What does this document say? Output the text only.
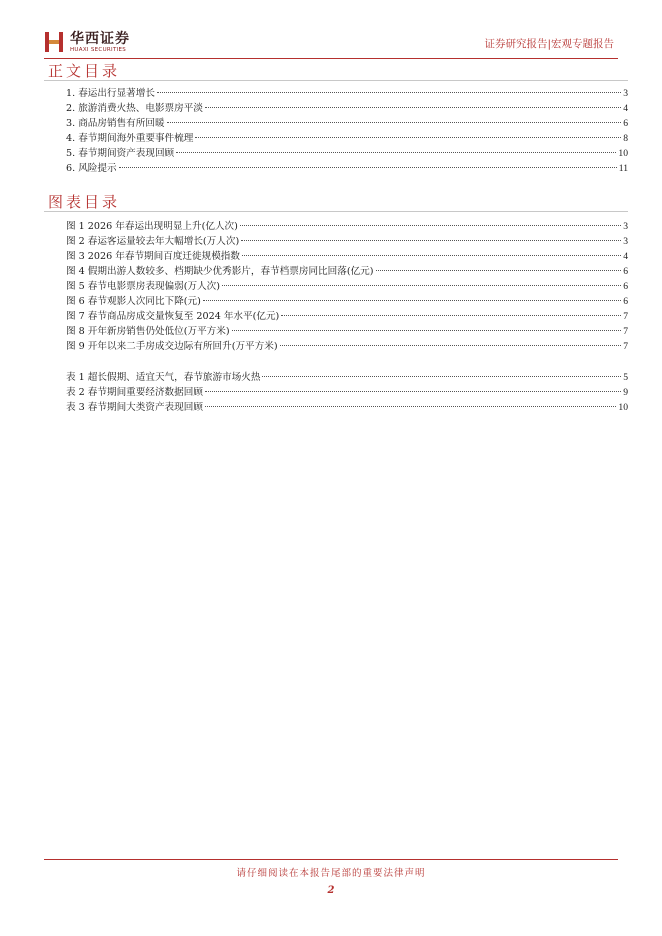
华西证券
HUAXI SECURITIES	证券研究报告|宏观专题报告
正文目录
1. 春运出行显著增长	3
2. 旅游消费火热、电影票房平淡	4
3. 商品房销售有所回暖	6
4. 春节期间海外重要事件梳理	8
5. 春节期间资产表现回顾	10
6. 风险提示	11
图表目录
图 1 2026 年春运出现明显上升(亿人次)	3
图 2 春运客运量较去年大幅增长(万人次)	3
图 3 2026 年春节期间百度迁徙规模指数	4
图 4 假期出游人数较多、档期缺少优秀影片，春节档票房同比回落(亿元)	6
图 5 春节电影票房表现偏弱(万人次)	6
图 6 春节观影人次同比下降(元)	6
图 7 春节商品房成交量恢复至 2024 年水平(亿元)	7
图 8 开年新房销售仍处低位(万平方米)	7
图 9 开年以来二手房成交边际有所回升(万平方米)	7
表 1 超长假期、适宜天气，春节旅游市场火热	5
表 2 春节期间重要经济数据回顾	9
表 3 春节期间大类资产表现回顾	10
请仔细阅读在本报告尾部的重要法律声明
2
